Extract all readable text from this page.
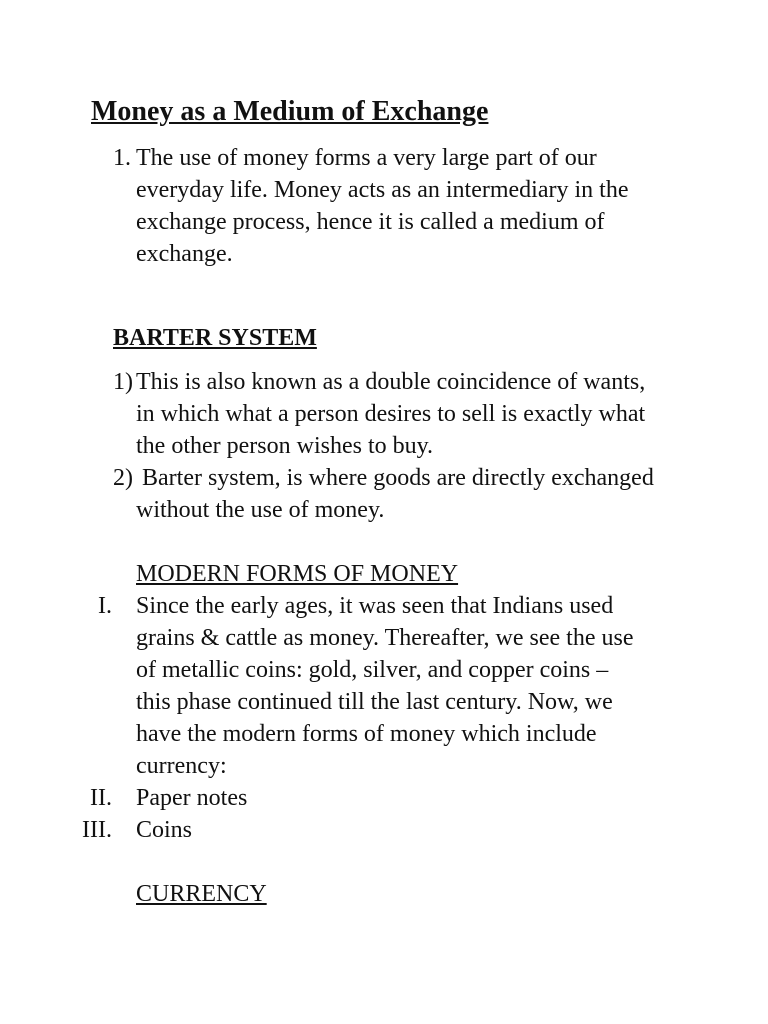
Money as a Medium of Exchange
1. The use of money forms a very large part of our
everyday life. Money acts as an intermediary in the
exchange process, hence it is called a medium of
exchange.
BARTER SYSTEM
1) This is also known as a double coincidence of wants,
in which what a person desires to sell is exactly what
the other person wishes to buy.
2) Barter system, is where goods are directly exchanged
without the use of money.
MODERN FORMS OF MONEY
I. Since the early ages, it was seen that Indians used
grains & cattle as money. Thereafter, we see the use
of metallic coins: gold, silver, and copper coins –
this phase continued till the last century. Now, we
have the modern forms of money which include
currency:
II. Paper notes
III. Coins
CURRENCY
